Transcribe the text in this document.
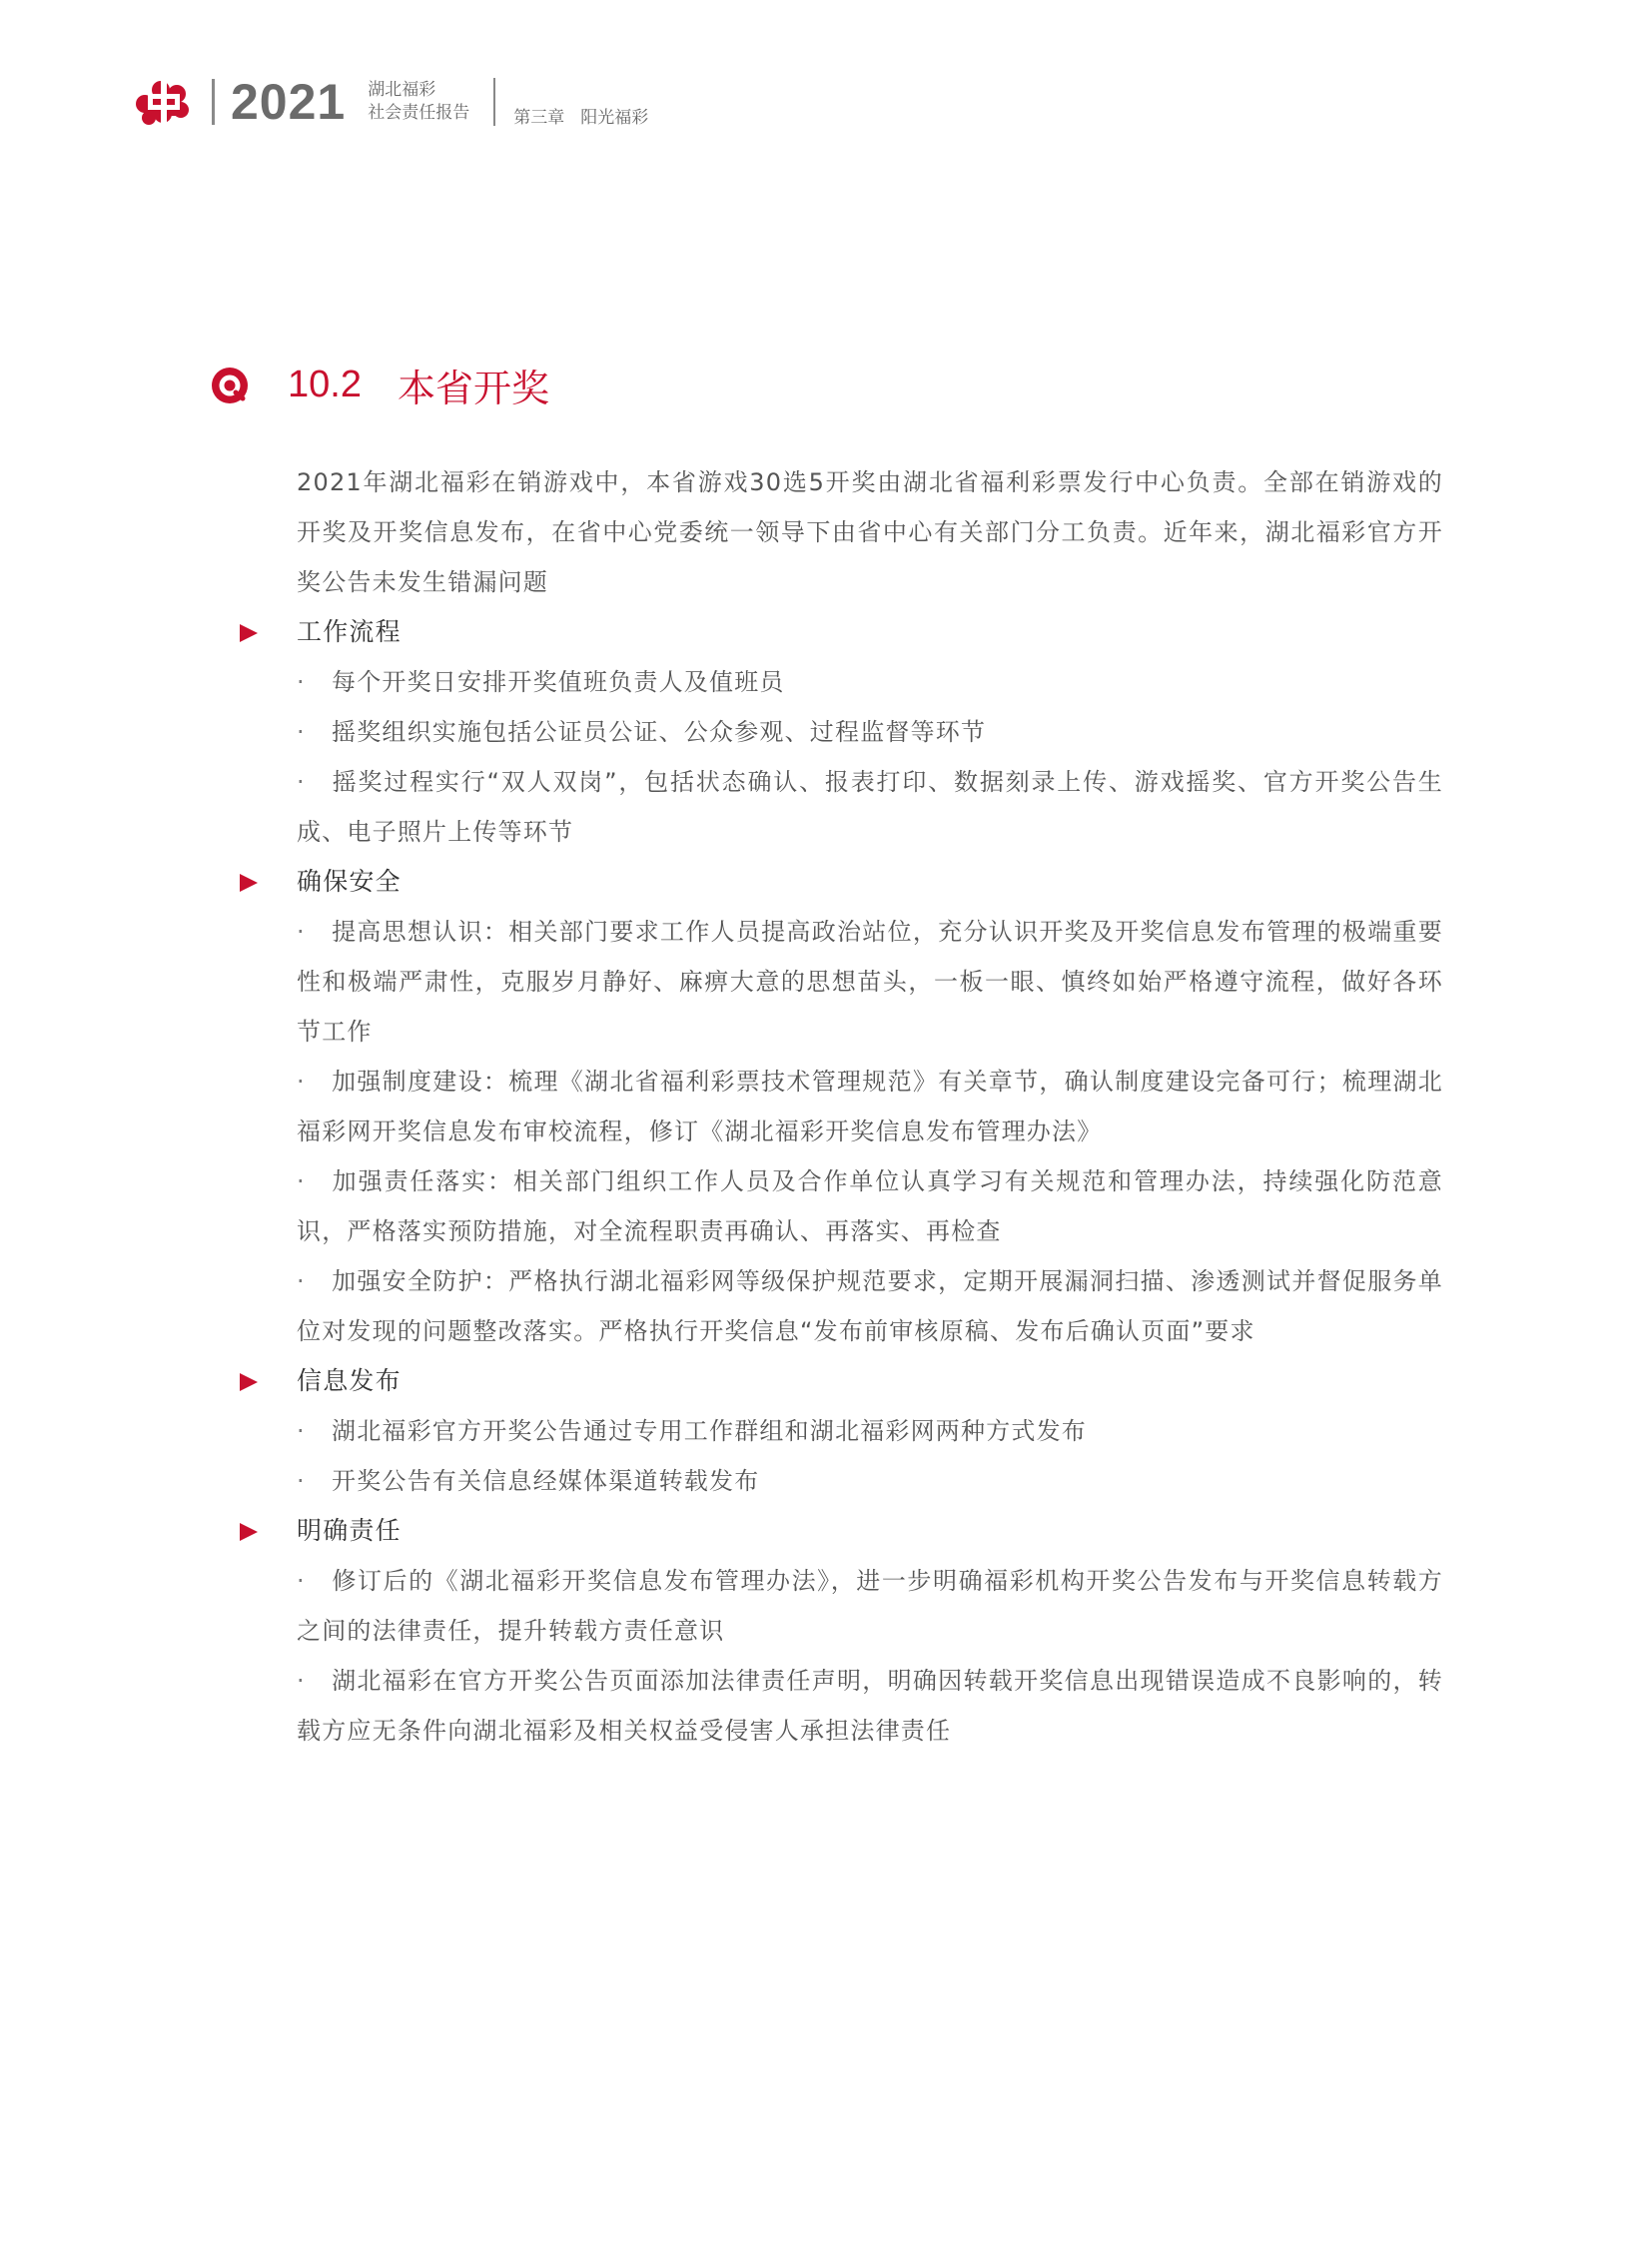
2021 湖北福彩
社会责任报告	第三章 阳光福彩
10.2 本省开奖
2021年湖北福彩在销游戏中，本省游戏30选5开奖由湖北省福利彩票发行中心负责。全部在销游戏的开奖及开奖信息发布，在省中心党委统一领导下由省中心有关部门分工负责。近年来，湖北福彩官方开奖公告未发生错漏问题
工作流程
· 每个开奖日安排开奖值班负责人及值班员
· 摇奖组织实施包括公证员公证、公众参观、过程监督等环节
· 摇奖过程实行“双人双岗”，包括状态确认、报表打印、数据刻录上传、游戏摇奖、官方开奖公告生成、电子照片上传等环节
确保安全
· 提高思想认识：相关部门要求工作人员提高政治站位，充分认识开奖及开奖信息发布管理的极端重要性和极端严肃性，克服岁月静好、麻痹大意的思想苗头，一板一眼、慎终如始严格遵守流程，做好各环节工作
· 加强制度建设：梳理《湖北省福利彩票技术管理规范》有关章节，确认制度建设完备可行；梳理湖北福彩网开奖信息发布审校流程，修订《湖北福彩开奖信息发布管理办法》
· 加强责任落实：相关部门组织工作人员及合作单位认真学习有关规范和管理办法，持续强化防范意识，严格落实预防措施，对全流程职责再确认、再落实、再检查
· 加强安全防护：严格执行湖北福彩网等级保护规范要求，定期开展漏洞扫描、渗透测试并督促服务单位对发现的问题整改落实。严格执行开奖信息“发布前审核原稿、发布后确认页面”要求
信息发布
· 湖北福彩官方开奖公告通过专用工作群组和湖北福彩网两种方式发布
· 开奖公告有关信息经媒体渠道转载发布
明确责任
· 修订后的《湖北福彩开奖信息发布管理办法》，进一步明确福彩机构开奖公告发布与开奖信息转载方之间的法律责任，提升转载方责任意识
· 湖北福彩在官方开奖公告页面添加法律责任声明，明确因转载开奖信息出现错误造成不良影响的，转载方应无条件向湖北福彩及相关权益受侵害人承担法律责任
